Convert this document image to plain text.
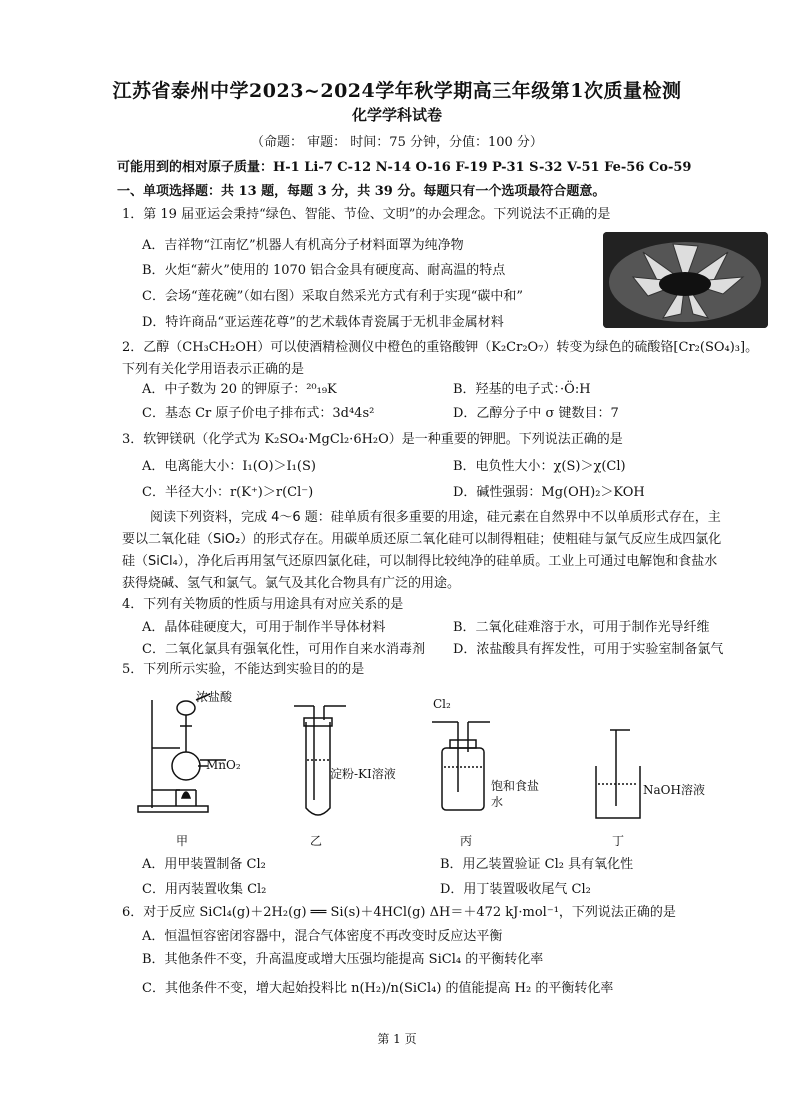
江苏省泰州中学2023~2024学年秋学期高三年级第1次质量检测
化学学科试卷
（命题： 审题： 时间：75 分钟，分值：100 分）
可能用到的相对原子质量：H-1 Li-7 C-12 N-14 O-16 F-19 P-31 S-32 V-51 Fe-56 Co-59
一、单项选择题：共 13 题，每题 3 分，共 39 分。每题只有一个选项最符合题意。
1．第 19 届亚运会秉持“绿色、智能、节俭、文明”的办会理念。下列说法不正确的是
A．吉祥物“江南忆”机器人有机高分子材料面罩为纯净物
B．火炬“薪火”使用的 1070 铝合金具有硬度高、耐高温的特点
C．会场“莲花碗”（如右图）采取自然采光方式有利于实现“碳中和”
D．特许商品“亚运莲花尊”的艺术载体青瓷属于无机非金属材料
2．乙醇（CH₃CH₂OH）可以使酒精检测仪中橙色的重铬酸钾（K₂Cr₂O₇）转变为绿色的硫酸铬[Cr₂(SO₄)₃]。
下列有关化学用语表示正确的是
A．中子数为 20 的钾原子：²⁰₁₉K	B．羟基的电子式：·Ö:H
C．基态 Cr 原子价电子排布式：3d⁴4s²	D．乙醇分子中 σ 键数目：7
3．软钾镁矾（化学式为 K₂SO₄·MgCl₂·6H₂O）是一种重要的钾肥。下列说法正确的是
A．电离能大小：I₁(O)＞I₁(S)	B．电负性大小：χ(S)＞χ(Cl)
C．半径大小：r(K⁺)＞r(Cl⁻)	D．碱性强弱：Mg(OH)₂＞KOH
阅读下列资料，完成 4～6 题：硅单质有很多重要的用途，硅元素在自然界中不以单质形式存在，主
要以二氧化硅（SiO₂）的形式存在。用碳单质还原二氧化硅可以制得粗硅；使粗硅与氯气反应生成四氯化
硅（SiCl₄），净化后再用氢气还原四氯化硅，可以制得比较纯净的硅单质。工业上可通过电解饱和食盐水
获得烧碱、氢气和氯气。氯气及其化合物具有广泛的用途。
4．下列有关物质的性质与用途具有对应关系的是
A．晶体硅硬度大，可用于制作半导体材料	B．二氧化硅难溶于水，可用于制作光导纤维
C．二氧化氯具有强氧化性，可用作自来水消毒剂 D．浓盐酸具有挥发性，可用于实验室制备氯气
5．下列所示实验，不能达到实验目的的是
浓盐酸
MnO₂
甲
淀粉-KI溶液
乙
Cl₂
饱和食盐水
丙
NaOH溶液
丁
A．用甲装置制备 Cl₂	B．用乙装置验证 Cl₂ 具有氧化性
C．用丙装置收集 Cl₂	D．用丁装置吸收尾气 Cl₂
6．对于反应 SiCl₄(g)＋2H₂(g) ══ Si(s)＋4HCl(g) ΔH＝＋472 kJ·mol⁻¹，下列说法正确的是
A．恒温恒容密闭容器中，混合气体密度不再改变时反应达平衡
B．其他条件不变，升高温度或增大压强均能提高 SiCl₄ 的平衡转化率
C．其他条件不变，增大起始投料比 n(H₂)/n(SiCl₄) 的值能提高 H₂ 的平衡转化率
第 1 页
